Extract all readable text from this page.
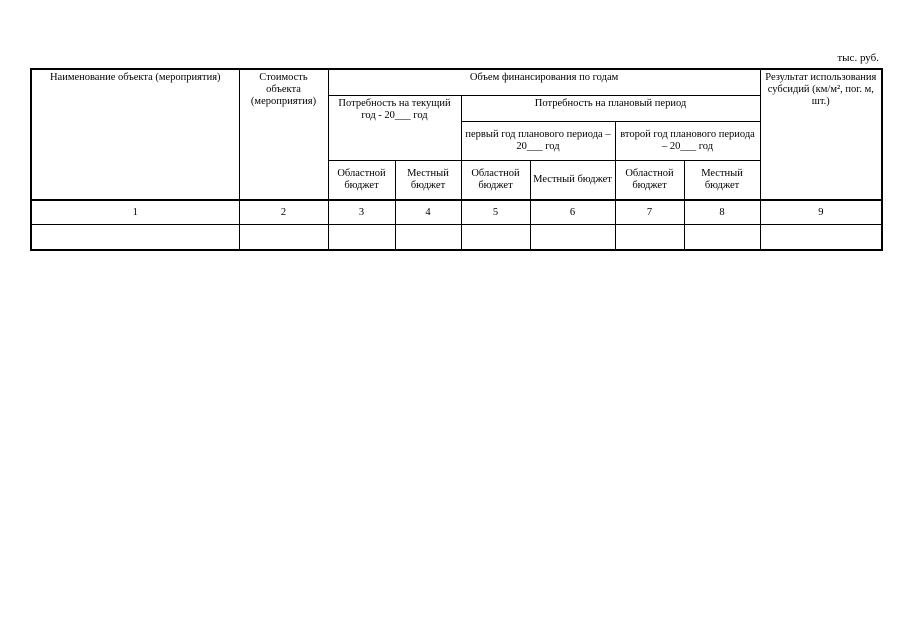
тыс. руб.
Наименование объекта (мероприятия)	Стоимость объекта (мероприятия)	Объем финансирования по годам						Результат использования субсидий (км/м², пог. м, шт.)
		Потребность на текущий год - 20___ год		Потребность на плановый период				
				первый год планового периода – 20___ год		второй год планового периода – 20___ год		
		Областной бюджет	Местный бюджет	Областной бюджет	Местный бюджет	Областной бюджет	Местный бюджет	
1	2	3	4	5	6	7	8	9
